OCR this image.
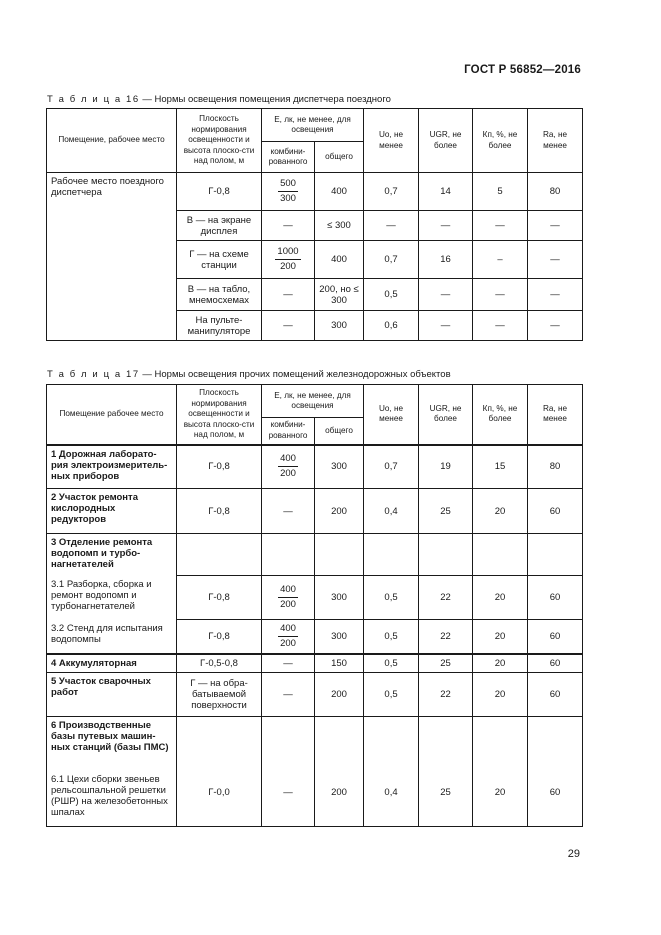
ГОСТ Р 56852—2016
Т а б л и ц а 16 — Нормы освещения помещения диспетчера поездного
Помещение, рабочее место	Плоскость нормирования освещенности и высота плоско-сти над полом, м	Е, лк, не менее, для освещения		Uо, не менее	UGR, не более	Кп, %, не более	Rа, не менее
		комбини-рованного	общего				
Рабочее место поездного диспетчера	Г-0,8	$\frac{500}{300}$	400	0,7	14	5	80
	В — на экране дисплея	—	≤ 300	—	—	—	—
	Г — на схеме станции	$\frac{1000}{200}$	400	0,7	16	–	—
	В — на табло, мнемосхемах	—	200, но ≤ 300	0,5	—	—	—
	На пульте-манипуляторе	—	300	0,6	—	—	—
Т а б л и ц а 17 — Нормы освещения прочих помещений железнодорожных объектов
Помещение рабочее место	Плоскость нормирования освещенности и высота плоско-сти над полом, м	Е, лк, не менее, для освещения		Uо, не менее	UGR, не более	Кп, %, не более	Rа, не менее
		комбини-рованного	общего				
1 Дорожная лаборато-рия электроизмеритель-ных приборов	Г-0,8	$\frac{400}{200}$	300	0,7	19	15	80
2 Участок ремонта кислородных редукторов	Г-0,8	—	200	0,4	25	20	60
3 Отделение ремонта водопомп и турбо-нагнетателей							
3.1 Разборка, сборка и ремонт водопомп и турбонагнетателей	Г-0,8	$\frac{400}{200}$	300	0,5	22	20	60
3.2 Стенд для испытания водопомпы	Г-0,8	$\frac{400}{200}$	300	0,5	22	20	60
4 Аккумуляторная	Г-0,5-0,8	—	150	0,5	25	20	60
5 Участок сварочных работ	Г — на обра-батываемой поверхности	—	200	0,5	22	20	60
6 Производственные базы путевых машин-ных станций (базы ПМС)							
6.1 Цехи сборки звеньев рельсошпальной решетки (РШР) на железобетонных шпалах	Г-0,0	—	200	0,4	25	20	60
29
